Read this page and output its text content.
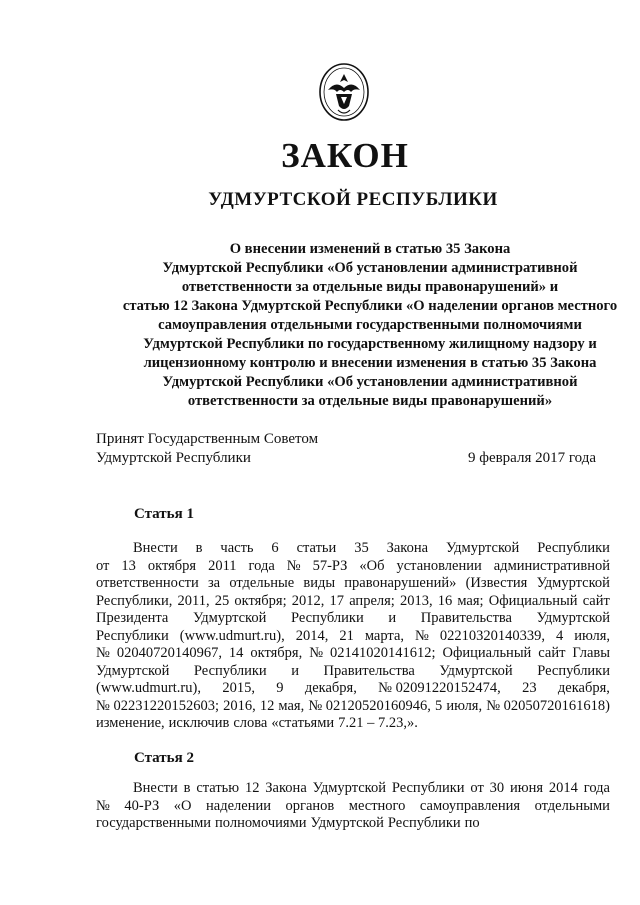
ЗАКОН
УДМУРТСКОЙ РЕСПУБЛИКИ
О внесении изменений в статью 35 Закона
Удмуртской Республики «Об установлении административной
ответственности за отдельные виды правонарушений» и
статью 12 Закона Удмуртской Республики «О наделении органов местного
самоуправления отдельными государственными полномочиями
Удмуртской Республики по государственному жилищному надзору и
лицензионному контролю и внесении изменения в статью 35 Закона
Удмуртской Республики «Об установлении административной
ответственности за отдельные виды правонарушений»
Принят Государственным Советом
Удмуртской Республики	9 февраля 2017 года
Статья 1
Внести в часть 6 статьи 35 Закона Удмуртской Республики
от 13 октября 2011 года № 57-РЗ «Об установлении административной
ответственности за отдельные виды правонарушений» (Известия Удмуртской
Республики, 2011, 25 октября; 2012, 17 апреля; 2013, 16 мая; Официальный сайт
Президента Удмуртской Республики и Правительства Удмуртской
Республики (www.udmurt.ru), 2014, 21 марта, № 02210320140339, 4 июля,
№ 02040720140967, 14 октября, № 02141020141612; Официальный сайт Главы
Удмуртской Республики и Правительства Удмуртской Республики
(www.udmurt.ru), 2015, 9 декабря, № 02091220152474, 23 декабря,
№ 02231220152603; 2016, 12 мая, № 02120520160946, 5 июля, № 02050720161618)
изменение, исключив слова «статьями 7.21 – 7.23,».
Статья 2
Внести в статью 12 Закона Удмуртской Республики от 30 июня 2014 года
№ 40-РЗ «О наделении органов местного самоуправления отдельными
государственными полномочиями Удмуртской Республики по
